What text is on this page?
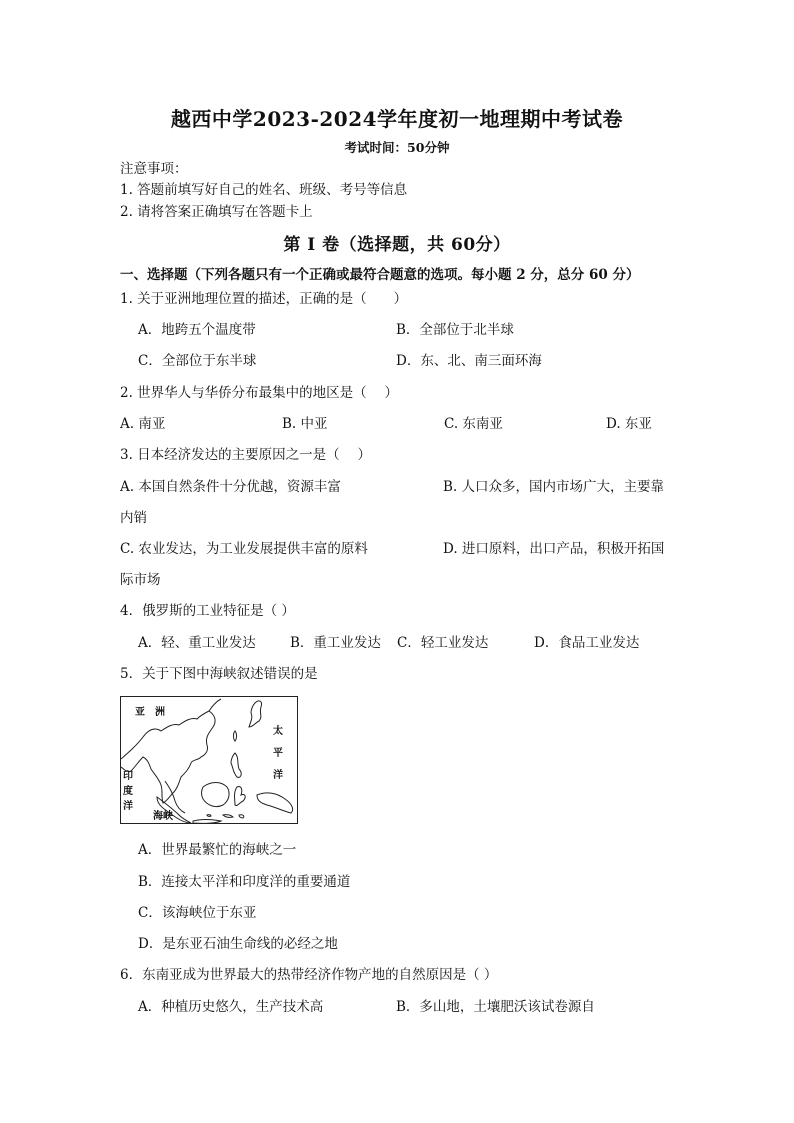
越西中学2023-2024学年度初一地理期中考试卷
考试时间：50分钟
注意事项：
1. 答题前填写好自己的姓名、班级、考号等信息
2. 请将答案正确填写在答题卡上
第 I 卷（选择题，共 60分）
一、选择题（下列各题只有一个正确或最符合题意的选项。每小题 2 分，总分 60 分）
1. 关于亚洲地理位置的描述，正确的是（　　）
A．地跨五个温度带	B．全部位于北半球
C．全部位于东半球	D．东、北、南三面环海
2. 世界华人与华侨分布最集中的地区是（　 ）
A. 南亚	B. 中亚	C. 东南亚	D. 东亚
3. 日本经济发达的主要原因之一是（　 ）
A. 本国自然条件十分优越，资源丰富	B. 人口众多，国内市场广大，主要靠
内销
C. 农业发达，为工业发展提供丰富的原料	D. 进口原料，出口产品，积极开拓国
际市场
4．俄罗斯的工业特征是（ ）
A．轻、重工业发达	B．重工业发达 C．轻工业发达	D．食品工业发达
5．关于下图中海峡叙述错误的是
亚　洲
太平洋
印度洋
海峡
A．世界最繁忙的海峡之一
B．连接太平洋和印度洋的重要通道
C．该海峡位于东亚
D．是东亚石油生命线的必经之地
6．东南亚成为世界最大的热带经济作物产地的自然原因是（ ）
A．种植历史悠久，生产技术高	B．多山地，土壤肥沃该试卷源自
